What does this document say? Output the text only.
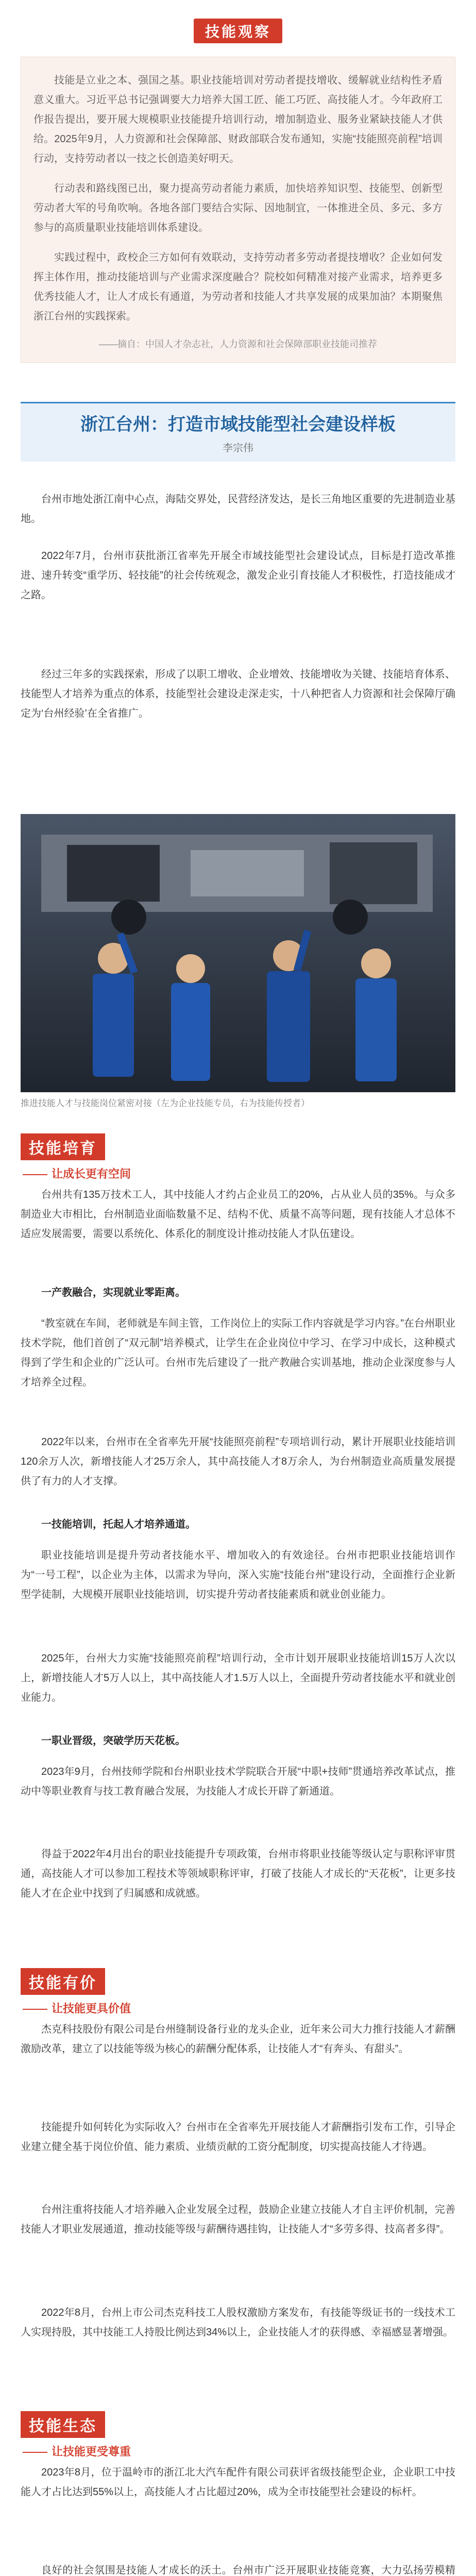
技能观察

技能是立业之本、强国之基。职业技能培训对劳动者提技增收、缓解就业结构性矛盾意义重大。习近平总书记强调要大力培养大国工匠、能工巧匠、高技能人才。今年政府工作报告提出，要开展大规模职业技能提升培训行动，增加制造业、服务业紧缺技能人才供给。2025年9月，人力资源和社会保障部、财政部联合发布通知，实施“技能照亮前程”培训行动，支持劳动者以一技之长创造美好明天。

行动表和路线图已出，聚力提高劳动者能力素质，加快培养知识型、技能型、创新型劳动者大军的号角吹响。各地各部门要结合实际、因地制宜，一体推进全员、多元、多方参与的高质量职业技能培训体系建设。

实践过程中，政校企三方如何有效联动，支持劳动者多劳动者提技增收？企业如何发挥主体作用，推动技能培训与产业需求深度融合？院校如何精准对接产业需求，培养更多优秀技能人才，让人才成长有通道，为劳动者和技能人才共享发展的成果加油？本期聚焦浙江台州的实践探索。

——摘自：中国人才杂志社，人力资源和社会保障部职业技能司推荐
浙江台州：打造市域技能型社会建设样板
李宗伟

台州市地处浙江南中心点，海陆交界处，民营经济发达，是长三角地区重要的先进制造业基地。

2022年7月，台州市获批浙江省率先开展全市域技能型社会建设试点，目标是打造改革推进、速升转变“重学历、轻技能”的社会传统观念，激发企业引育技能人才积极性，打造技能成才之路。

经过三年多的实践探索，形成了以职工增收、企业增效、技能增收为关键、技能培育体系、技能型人才培养为重点的体系，技能型社会建设走深走实，十八种把省人力资源和社会保障厅确定为‘台州经验’在全省推广。

推进技能人才与技能岗位紧密对接（左为企业技能专员，右为技能传授者）
技能培育
让成长更有空间

台州共有135万技术工人，其中技能人才约占企业员工的20%，占从业人员的35%。与众多制造业大市相比，台州制造业面临数量不足、结构不优、质量不高等问题，现有技能人才总体不适应发展需要，需要以系统化、体系化的制度设计推动技能人才队伍建设。

一产教融合，实现就业零距离。

“教室就在车间，老师就是车间主管，工作岗位上的实际工作内容就是学习内容。”在台州职业技术学院，他们首创了“双元制”培养模式，让学生在企业岗位中学习、在学习中成长，这种模式得到了学生和企业的广泛认可。台州市先后建设了一批产教融合实训基地，推动企业深度参与人才培养全过程。

2022年以来，台州市在全省率先开展“技能照亮前程”专项培训行动，累计开展职业技能培训120余万人次，新增技能人才25万余人，其中高技能人才8万余人，为台州制造业高质量发展提供了有力的人才支撑。

一技能培训，托起人才培养通道。

职业技能培训是提升劳动者技能水平、增加收入的有效途径。台州市把职业技能培训作为“一号工程”，以企业为主体，以需求为导向，深入实施“技能台州”建设行动，全面推行企业新型学徒制，大规模开展职业技能培训，切实提升劳动者技能素质和就业创业能力。

2025年，台州大力实施“技能照亮前程”培训行动，全市计划开展职业技能培训15万人次以上，新增技能人才5万人以上，其中高技能人才1.5万人以上，全面提升劳动者技能水平和就业创业能力。

一职业晋级，突破学历天花板。

2023年9月，台州技师学院和台州职业技术学院联合开展“中职+技师”贯通培养改革试点，推动中等职业教育与技工教育融合发展，为技能人才成长开辟了新通道。

得益于2022年4月出台的职业技能提升专项政策，台州市将职业技能等级认定与职称评审贯通，高技能人才可以参加工程技术等领域职称评审，打破了技能人才成长的“天花板”，让更多技能人才在企业中找到了归属感和成就感。

技能有价
让技能更具价值

杰克科技股份有限公司是台州缝制设备行业的龙头企业，近年来公司大力推行技能人才薪酬激励改革，建立了以技能等级为核心的薪酬分配体系，让技能人才“有奔头、有甜头”。

技能提升如何转化为实际收入？台州市在全省率先开展技能人才薪酬指引发布工作，引导企业建立健全基于岗位价值、能力素质、业绩贡献的工资分配制度，切实提高技能人才待遇。

台州注重将技能人才培养融入企业发展全过程，鼓励企业建立技能人才自主评价机制，完善技能人才职业发展通道，推动技能等级与薪酬待遇挂钩，让技能人才“多劳多得、技高者多得”。

2022年8月，台州上市公司杰克科技工人股权激励方案发布，有技能等级证书的一线技术工人实现持股，其中技能工人持股比例达到34%以上，企业技能人才的获得感、幸福感显著增强。

技能生态
让技能更受尊重

2023年8月，位于温岭市的浙江北大汽车配件有限公司获评省级技能型企业，企业职工中技能人才占比达到55%以上，高技能人才占比超过20%，成为全市技能型社会建设的标杆。

良好的社会氛围是技能人才成长的沃土。台州市广泛开展职业技能竞赛，大力弘扬劳模精
